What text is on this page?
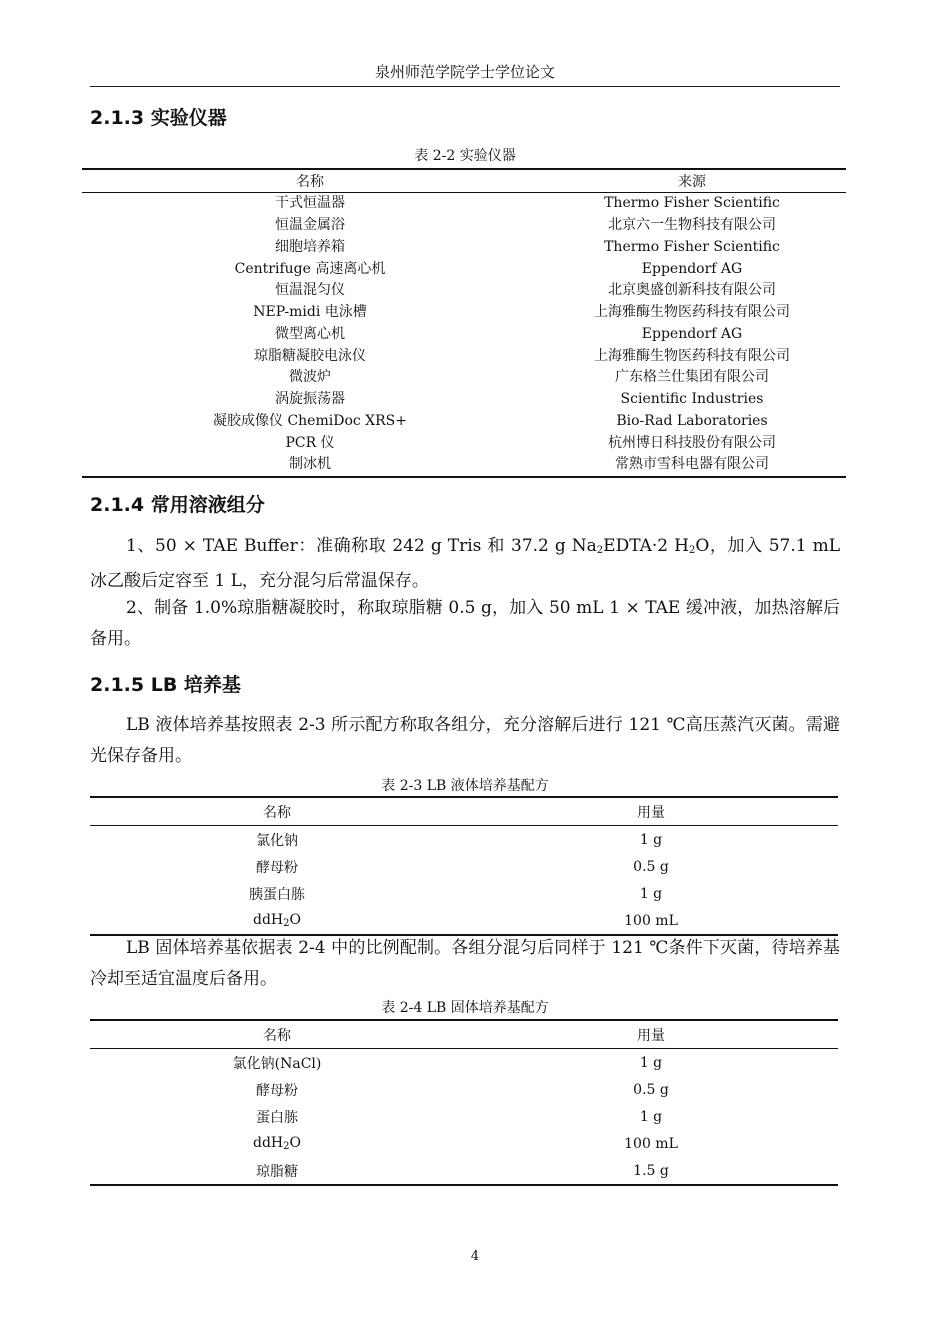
泉州师范学院学士学位论文
2.1.3 实验仪器
表 2-2 实验仪器
名称	来源
干式恒温器	Thermo Fisher Scientific
恒温金属浴	北京六一生物科技有限公司
细胞培养箱	Thermo Fisher Scientific
Centrifuge 高速离心机	Eppendorf AG
恒温混匀仪	北京奥盛创新科技有限公司
NEP-midi 电泳槽	上海雅酶生物医药科技有限公司
微型离心机	Eppendorf AG
琼脂糖凝胶电泳仪	上海雅酶生物医药科技有限公司
微波炉	广东格兰仕集团有限公司
涡旋振荡器	Scientific Industries
凝胶成像仪 ChemiDoc XRS+	Bio-Rad Laboratories
PCR 仪	杭州博日科技股份有限公司
制冰机	常熟市雪科电器有限公司
2.1.4 常用溶液组分

1、50 × TAE Buffer：准确称取 242 g Tris 和 37.2 g $Na_2EDTA\cdot 2$ $H_2O$，加入 57.1 mL 冰乙酸后定容至 1 L，充分混匀后常温保存。

2、制备 1.0%琼脂糖凝胶时，称取琼脂糖 0.5 g，加入 50 mL 1 × TAE 缓冲液，加热溶解后备用。

2.1.5 LB 培养基

LB 液体培养基按照表 2-3 所示配方称取各组分，充分溶解后进行 121 ℃高压蒸汽灭菌。需避光保存备用。

表 2-3 LB 液体培养基配方
名称	用量
氯化钠	1 g
酵母粉	0.5 g
胰蛋白胨	1 g
ddH$_2$O	100 mL

LB 固体培养基依据表 2-4 中的比例配制。各组分混匀后同样于 121 ℃条件下灭菌，待培养基冷却至适宜温度后备用。

表 2-4 LB 固体培养基配方
名称	用量
氯化钠(NaCl)	1 g
酵母粉	0.5 g
蛋白胨	1 g
ddH$_2$O	100 mL
琼脂糖	1.5 g
4
